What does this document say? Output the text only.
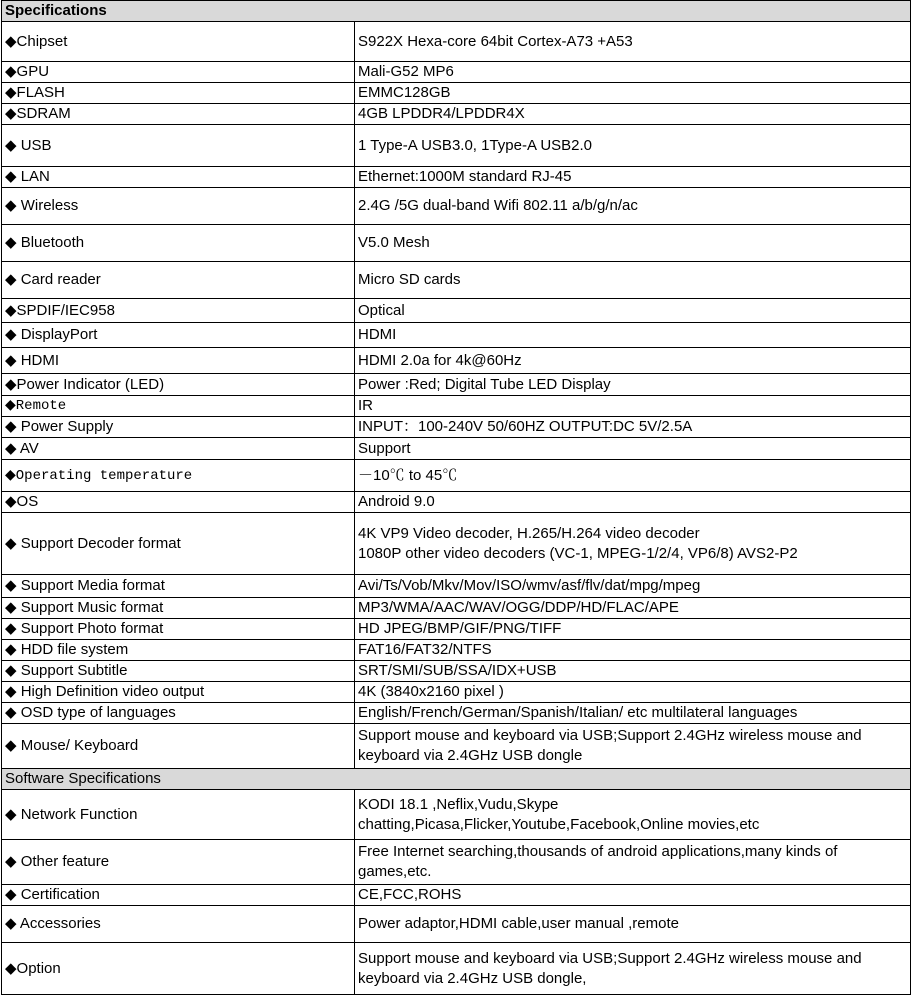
Specifications	
◆Chipset	S922X Hexa-core 64bit Cortex-A73 +A53
◆GPU	Mali-G52 MP6
◆FLASH	EMMC128GB
◆SDRAM	4GB LPDDR4/LPDDR4X
◆ USB	1 Type-A USB3.0, 1Type-A USB2.0
◆ LAN	Ethernet:1000M standard RJ-45
◆ Wireless	2.4G /5G dual-band Wifi 802.11 a/b/g/n/ac
◆ Bluetooth	V5.0 Mesh
◆ Card reader	Micro SD cards
◆SPDIF/IEC958	Optical
◆ DisplayPort	HDMI
◆ HDMI	HDMI 2.0a for 4k@60Hz
◆Power Indicator (LED)	Power :Red; Digital Tube LED Display
◆Remote	IR
◆ Power Supply	INPUT：100-240V 50/60HZ OUTPUT:DC 5V/2.5A
◆ AV	Support
◆Operating temperature	－10℃ to 45℃
◆OS	Android 9.0
◆ Support Decoder format	4K VP9 Video decoder, H.265/H.264 video decoder
1080P other video decoders (VC-1, MPEG-1/2/4, VP6/8) AVS2-P2
◆ Support Media format	Avi/Ts/Vob/Mkv/Mov/ISO/wmv/asf/flv/dat/mpg/mpeg
◆ Support Music format	MP3/WMA/AAC/WAV/OGG/DDP/HD/FLAC/APE
◆ Support Photo format	HD JPEG/BMP/GIF/PNG/TIFF
◆ HDD file system	FAT16/FAT32/NTFS
◆ Support Subtitle	SRT/SMI/SUB/SSA/IDX+USB
◆ High Definition video output	4K (3840x2160 pixel )
◆ OSD type of languages	English/French/German/Spanish/Italian/ etc multilateral languages
◆ Mouse/ Keyboard	Support mouse and keyboard via USB;Support 2.4GHz wireless mouse and
keyboard via 2.4GHz USB dongle
Software Specifications	
◆ Network Function	KODI 18.1 ,Neflix,Vudu,Skype
chatting,Picasa,Flicker,Youtube,Facebook,Online movies,etc
◆ Other feature	Free Internet searching,thousands of android applications,many kinds of
games,etc.
◆ Certification	CE,FCC,ROHS
◆ Accessories	Power adaptor,HDMI cable,user manual ,remote
◆Option	Support mouse and keyboard via USB;Support 2.4GHz wireless mouse and
keyboard via 2.4GHz USB dongle,
